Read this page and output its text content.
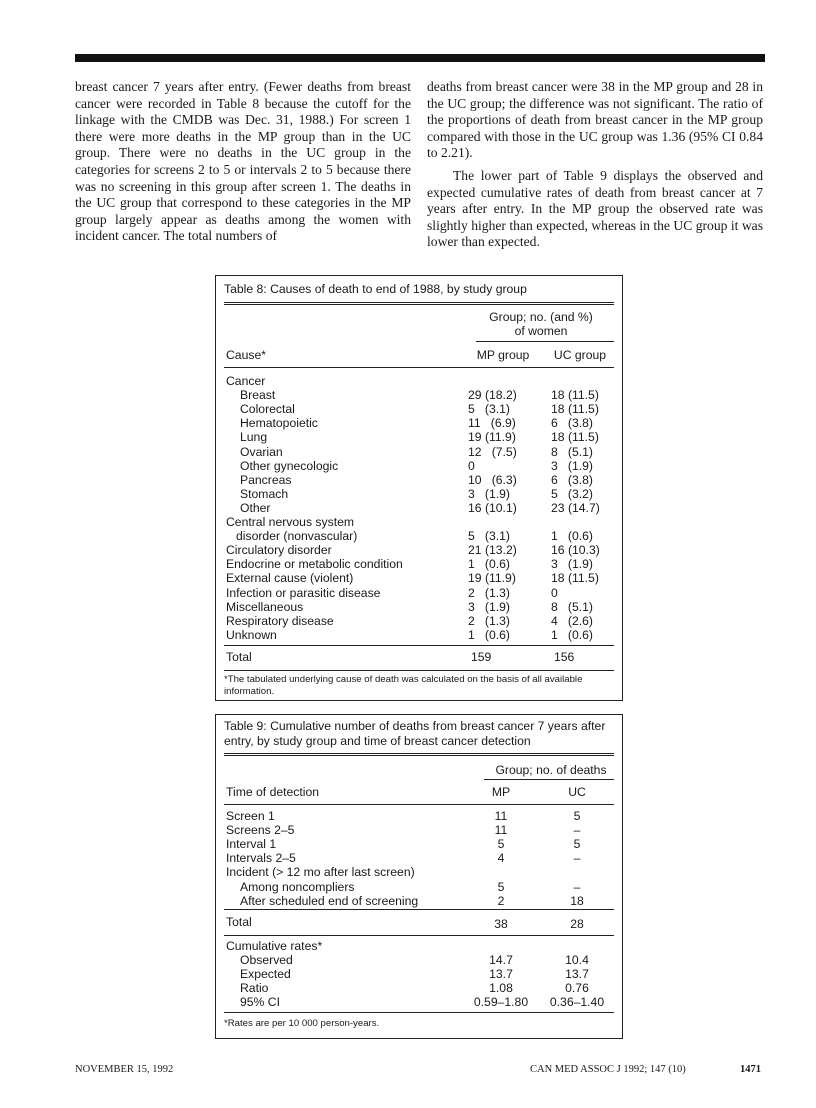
breast cancer 7 years after entry. (Fewer deaths from breast cancer were recorded in Table 8 because the cutoff for the linkage with the CMDB was Dec. 31, 1988.) For screen 1 there were more deaths in the MP group than in the UC group. There were no deaths in the UC group in the categories for screens 2 to 5 or intervals 2 to 5 because there was no screening in this group after screen 1. The deaths in the UC group that correspond to these categories in the MP group largely appear as deaths among the women with incident cancer. The total numbers of

deaths from breast cancer were 38 in the MP group and 28 in the UC group; the difference was not significant. The ratio of the proportions of death from breast cancer in the MP group compared with those in the UC group was 1.36 (95% CI 0.84 to 2.21).

The lower part of Table 9 displays the observed and expected cumulative rates of death from breast cancer at 7 years after entry. In the MP group the observed rate was slightly higher than expected, whereas in the UC group it was lower than expected.

Table 8: Causes of death to end of 1988, by study group
Group; no. (and %)
of women
Cause*	MP group	UC group
Cancer
Breast	29 (18.2)	18 (11.5)
Colorectal	5   (3.1)	18 (11.5)
Hematopoietic	11   (6.9)	6   (3.8)
Lung	19 (11.9)	18 (11.5)
Ovarian	12   (7.5)	8   (5.1)
Other gynecologic	0	3   (1.9)
Pancreas	10   (6.3)	6   (3.8)
Stomach	3   (1.9)	5   (3.2)
Other	16 (10.1)	23 (14.7)
Central nervous system
disorder (nonvascular)	5   (3.1)	1   (0.6)
Circulatory disorder	21 (13.2)	16 (10.3)
Endocrine or metabolic condition	1   (0.6)	3   (1.9)
External cause (violent)	19 (11.9)	18 (11.5)
Infection or parasitic disease	2   (1.3)	0
Miscellaneous	3   (1.9)	8   (5.1)
Respiratory disease	2   (1.3)	4   (2.6)
Unknown	1   (0.6)	1   (0.6)
Total	159	156
*The tabulated underlying cause of death was calculated on the basis of all available information.
Table 9: Cumulative number of deaths from breast cancer 7 years after entry, by study group and time of breast cancer detection
Group; no. of deaths
Time of detection	MP	UC
Screen 1	11	5
Screens 2–5	11	–
Interval 1	5	5
Intervals 2–5	4	–
Incident (> 12 mo after last screen)
Among noncompliers	5	–
After scheduled end of screening	2	18
Total	38	28
Cumulative rates*
Observed	14.7	10.4
Expected	13.7	13.7
Ratio	1.08	0.76
95% CI	0.59–1.80	0.36–1.40
*Rates are per 10 000 person-years.
NOVEMBER 15, 1992	CAN MED ASSOC J 1992; 147 (10)	1471
